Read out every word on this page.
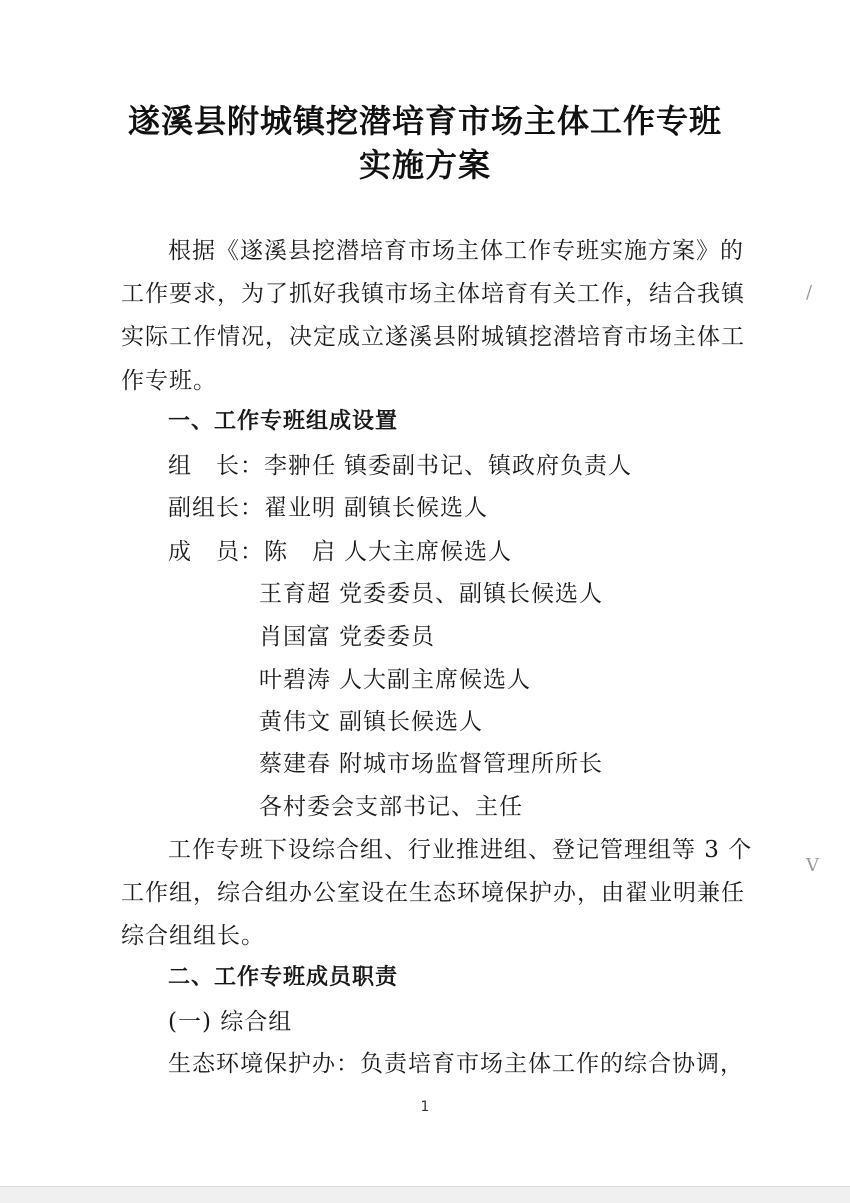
遂溪县附城镇挖潜培育市场主体工作专班
实施方案
根据《遂溪县挖潜培育市场主体工作专班实施方案》的
工作要求，为了抓好我镇市场主体培育有关工作，结合我镇
实际工作情况，决定成立遂溪县附城镇挖潜培育市场主体工
作专班。
一、工作专班组成设置
组　长：李翀任 镇委副书记、镇政府负责人
副组长：翟业明 副镇长候选人
成　员：陈　启 人大主席候选人
王育超 党委委员、副镇长候选人
肖国富 党委委员
叶碧涛 人大副主席候选人
黄伟文 副镇长候选人
蔡建春 附城市场监督管理所所长
各村委会支部书记、主任
工作专班下设综合组、行业推进组、登记管理组等 3 个
工作组，综合组办公室设在生态环境保护办，由翟业明兼任
综合组组长。
二、工作专班成员职责
(一) 综合组
生态环境保护办：负责培育市场主体工作的综合协调，
1
/
V
